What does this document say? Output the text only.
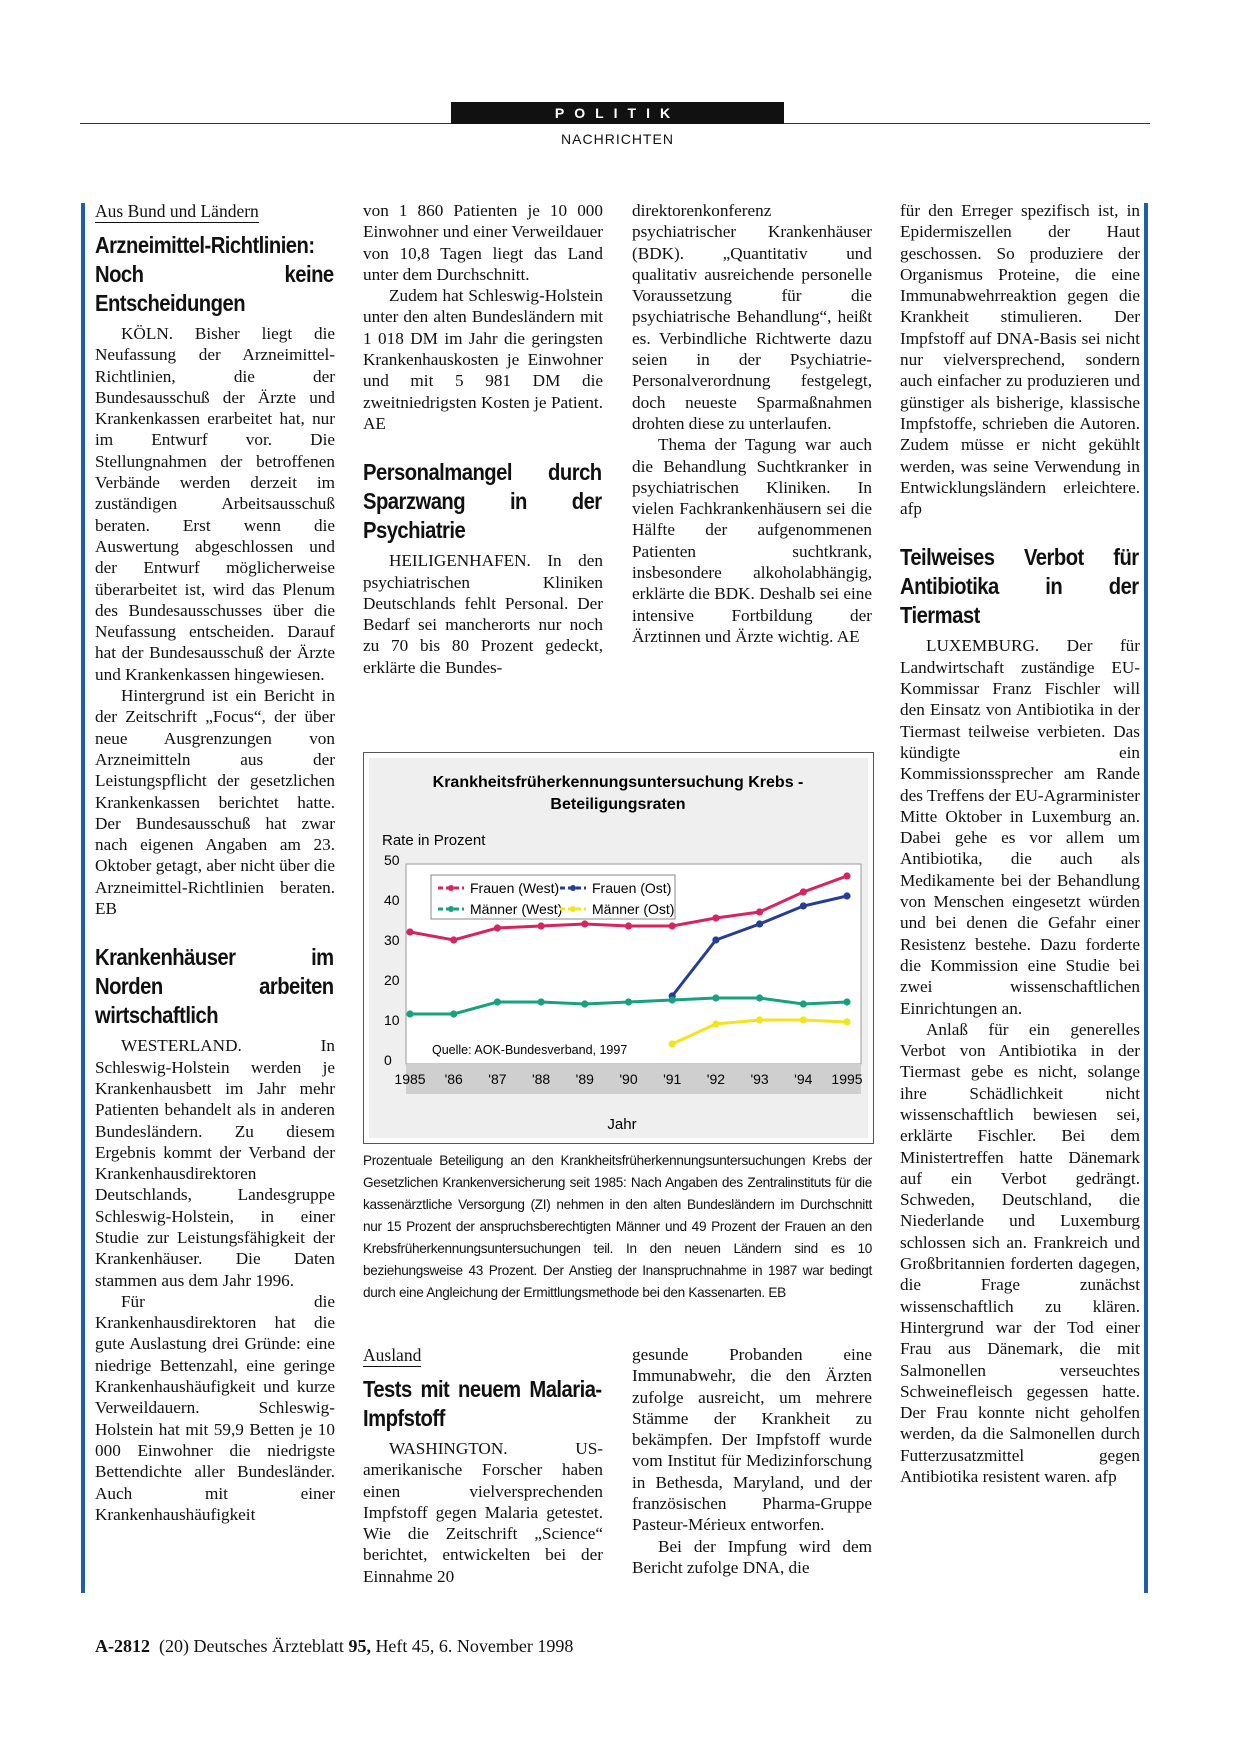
POLITIK
NACHRICHTEN
Aus Bund und Ländern
Arzneimittel-Richtlinien: Noch keine Entscheidungen

KÖLN. Bisher liegt die Neufassung der Arzneimittel-Richtlinien, die der Bundesausschuß der Ärzte und Krankenkassen erarbeitet hat, nur im Entwurf vor. Die Stellungnahmen der betroffenen Verbände werden derzeit im zuständigen Arbeitsausschuß beraten. Erst wenn die Auswertung abgeschlossen und der Entwurf möglicherweise überarbeitet ist, wird das Plenum des Bundesausschusses über die Neufassung entscheiden. Darauf hat der Bundesausschuß der Ärzte und Krankenkassen hingewiesen.

Hintergrund ist ein Bericht in der Zeitschrift „Focus“, der über neue Ausgrenzungen von Arzneimitteln aus der Leistungspflicht der gesetzlichen Krankenkassen berichtet hatte. Der Bundesausschuß hat zwar nach eigenen Angaben am 23. Oktober getagt, aber nicht über die Arzneimittel-Richtlinien beraten. EB

Krankenhäuser im Norden arbeiten wirtschaftlich

WESTERLAND. In Schleswig-Holstein werden je Krankenhausbett im Jahr mehr Patienten behandelt als in anderen Bundesländern. Zu diesem Ergebnis kommt der Verband der Krankenhausdirektoren Deutschlands, Landesgruppe Schleswig-Holstein, in einer Studie zur Leistungsfähigkeit der Krankenhäuser. Die Daten stammen aus dem Jahr 1996.

Für die Krankenhausdirektoren hat die gute Auslastung drei Gründe: eine niedrige Bettenzahl, eine geringe Krankenhaushäufigkeit und kurze Verweildauern. Schleswig-Holstein hat mit 59,9 Betten je 10 000 Einwohner die niedrigste Bettendichte aller Bundesländer. Auch mit einer Krankenhaushäufigkeit

von 1 860 Patienten je 10 000 Einwohner und einer Verweildauer von 10,8 Tagen liegt das Land unter dem Durchschnitt.

Zudem hat Schleswig-Holstein unter den alten Bundesländern mit 1 018 DM im Jahr die geringsten Krankenhauskosten je Einwohner und mit 5 981 DM die zweitniedrigsten Kosten je Patient. AE

Personalmangel durch Sparzwang in der Psychiatrie

HEILIGENHAFEN. In den psychiatrischen Kliniken Deutschlands fehlt Personal. Der Bedarf sei mancherorts nur noch zu 70 bis 80 Prozent gedeckt, erklärte die Bundes-

direktorenkonferenz psychiatrischer Krankenhäuser (BDK). „Quantitativ und qualitativ ausreichende personelle Voraussetzung für die psychiatrische Behandlung“, heißt es. Verbindliche Richtwerte dazu seien in der Psychiatrie-Personalverordnung festgelegt, doch neueste Sparmaßnahmen drohten diese zu unterlaufen.

Thema der Tagung war auch die Behandlung Suchtkranker in psychiatrischen Kliniken. In vielen Fachkrankenhäusern sei die Hälfte der aufgenommenen Patienten suchtkrank, insbesondere alkoholabhängig, erklärte die BDK. Deshalb sei eine intensive Fortbildung der Ärztinnen und Ärzte wichtig. AE

für den Erreger spezifisch ist, in Epidermiszellen der Haut geschossen. So produziere der Organismus Proteine, die eine Immunabwehrreaktion gegen die Krankheit stimulieren. Der Impfstoff auf DNA-Basis sei nicht nur vielversprechend, sondern auch einfacher zu produzieren und günstiger als bisherige, klassische Impfstoffe, schrieben die Autoren. Zudem müsse er nicht gekühlt werden, was seine Verwendung in Entwicklungsländern erleichtere. afp

Teilweises Verbot für Antibiotika in der Tiermast

LUXEMBURG. Der für Landwirtschaft zuständige EU-Kommissar Franz Fischler will den Einsatz von Antibiotika in der Tiermast teilweise verbieten. Das kündigte ein Kommissionssprecher am Rande des Treffens der EU-Agrarminister Mitte Oktober in Luxemburg an. Dabei gehe es vor allem um Antibiotika, die auch als Medikamente bei der Behandlung von Menschen eingesetzt würden und bei denen die Gefahr einer Resistenz bestehe. Dazu forderte die Kommission eine Studie bei zwei wissenschaftlichen Einrichtungen an.

Anlaß für ein generelles Verbot von Antibiotika in der Tiermast gebe es nicht, solange ihre Schädlichkeit nicht wissenschaftlich bewiesen sei, erklärte Fischler. Bei dem Ministertreffen hatte Dänemark auf ein Verbot gedrängt. Schweden, Deutschland, die Niederlande und Luxemburg schlossen sich an. Frankreich und Großbritannien forderten dagegen, die Frage zunächst wissenschaftlich zu klären. Hintergrund war der Tod einer Frau aus Dänemark, die mit Salmonellen verseuchtes Schweinefleisch gegessen hatte. Der Frau konnte nicht geholfen werden, da die Salmonellen durch Futterzusatzmittel gegen Antibiotika resistent waren. afp

Krankheitsfrüherkennungsuntersuchung Krebs -
Beteiligungsraten
Rate in Prozent
Quelle: AOK-Bundesverband, 1997
Jahr
0
10
20
30
40
50
1985 '86 '87 '88 '89 '90 '91 '92 '93 '94 1995
Frauen (West) Frauen (Ost)
Männer (West) Männer (Ost)
Prozentuale Beteiligung an den Krankheitsfrüherkennungsuntersuchungen Krebs der Gesetzlichen Krankenversicherung seit 1985: Nach Angaben des Zentralinstituts für die kassenärztliche Versorgung (ZI) nehmen in den alten Bundesländern im Durchschnitt nur 15 Prozent der anspruchsberechtigten Männer und 49 Prozent der Frauen an den Krebsfrüherkennungsuntersuchungen teil. In den neuen Ländern sind es 10 beziehungsweise 43 Prozent. Der Anstieg der Inanspruchnahme in 1987 war bedingt durch eine Angleichung der Ermittlungsmethode bei den Kassenarten. EB
Ausland
Tests mit neuem Malaria-Impfstoff

WASHINGTON. US-amerikanische Forscher haben einen vielversprechenden Impfstoff gegen Malaria getestet. Wie die Zeitschrift „Science“ berichtet, entwickelten bei der Einnahme 20

gesunde Probanden eine Immunabwehr, die den Ärzten zufolge ausreicht, um mehrere Stämme der Krankheit zu bekämpfen. Der Impfstoff wurde vom Institut für Medizinforschung in Bethesda, Maryland, und der französischen Pharma-Gruppe Pasteur-Mérieux entworfen.

Bei der Impfung wird dem Bericht zufolge DNA, die

A-2812 (20) Deutsches Ärzteblatt 95, Heft 45, 6. November 1998
